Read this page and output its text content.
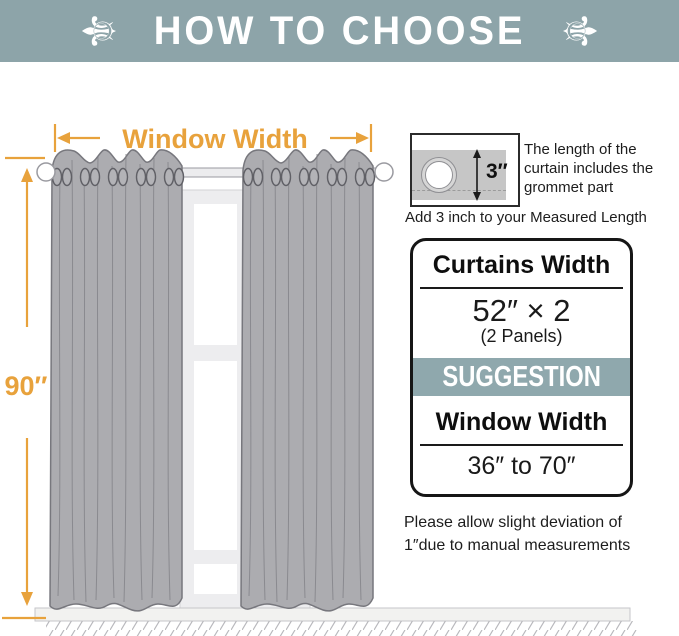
Window Width
90″
⚜ HOW TO CHOOSE ⚜
3″
The length of the curtain includes the grommet part
Add 3 inch to your Measured Length
Curtains Width
52″ × 2
(2 Panels)
SUGGESTION
Window Width
36″ to 70″
Please allow slight deviation of
1″due to manual measurements
